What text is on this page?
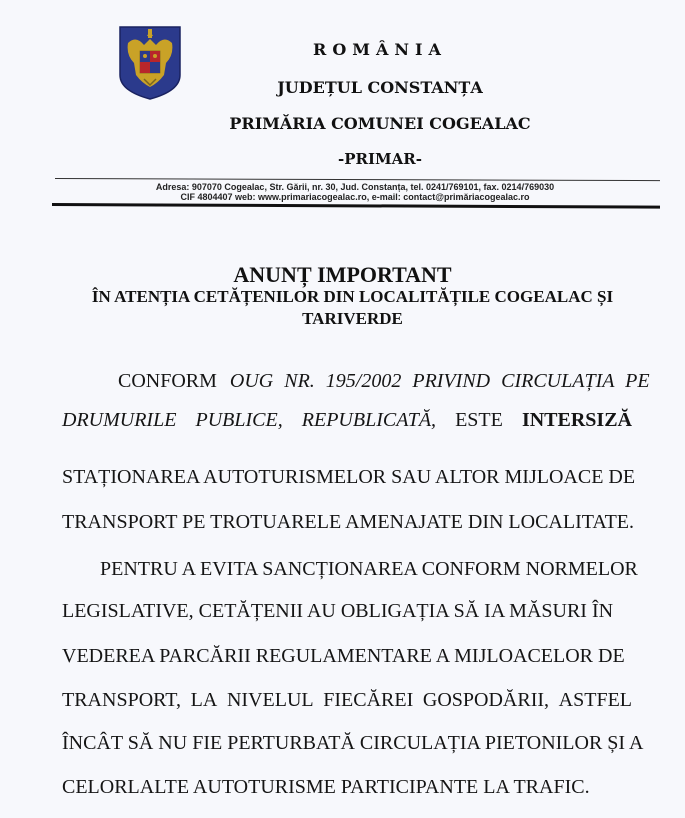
ROMÂNIA
JUDEȚUL CONSTANȚA
PRIMĂRIA COMUNEI COGEALAC
-PRIMAR-
Adresa: 907070 Cogealac, Str. Gării, nr. 30, Jud. Constanța, tel. 0241/769101, fax. 0214/769030
CIF 4804407 web: www.primariacogealac.ro, e-mail: contact@primăriacogealac.ro
ANUNȚ IMPORTANT
ÎN ATENȚIA CETĂȚENILOR DIN LOCALITĂȚILE COGEALAC ȘI
TARIVERDE
CONFORM OUG NR. 195/2002 PRIVIND CIRCULAȚIA PE
DRUMURILE PUBLICE, REPUBLICATĂ, ESTE INTERSIZĂ
STAȚIONAREA AUTOTURISMELOR SAU ALTOR MIJLOACE DE
TRANSPORT PE TROTUARELE AMENAJATE DIN LOCALITATE.
PENTRU A EVITA SANCȚIONAREA CONFORM NORMELOR
LEGISLATIVE, CETĂȚENII AU OBLIGAȚIA SĂ IA MĂSURI ÎN
VEDEREA PARCĂRII REGULAMENTARE A MIJLOACELOR DE
TRANSPORT, LA NIVELUL FIECĂREI GOSPODĂRII, ASTFEL
ÎNCÂT SĂ NU FIE PERTURBATĂ CIRCULAȚIA PIETONILOR ȘI A
CELORLALTE AUTOTURISME PARTICIPANTE LA TRAFIC.
